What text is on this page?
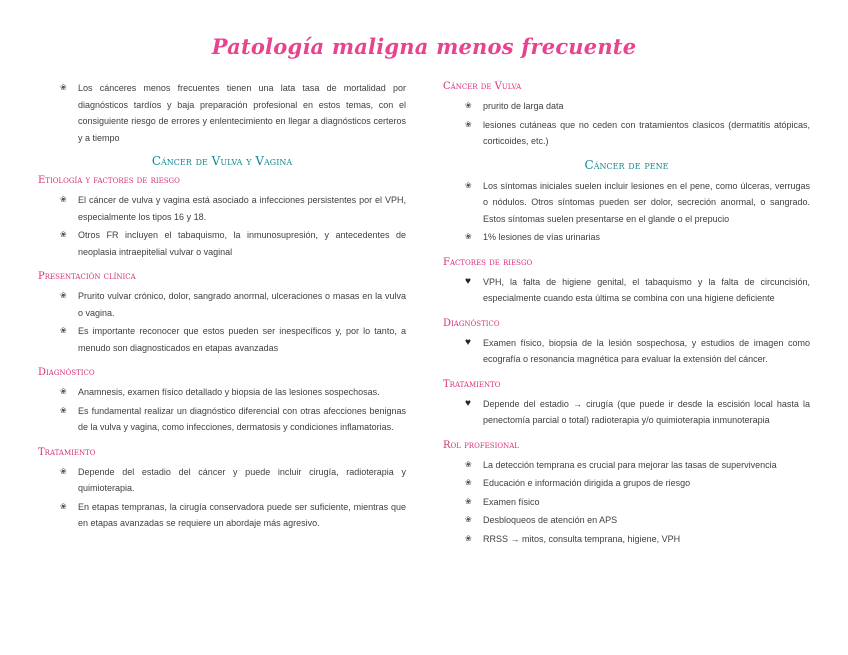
Patología maligna menos frecuente
❀	Los cánceres menos frecuentes tienen una lata tasa de mortalidad por diagnósticos tardíos y baja preparación profesional en estos temas, con el consiguiente riesgo de errores y enlentecimiento en llegar a diagnósticos certeros y a tiempo
Cáncer de Vulva y Vagina
Etiología y factores de riesgo
❀	El cáncer de vulva y vagina está asociado a infecciones persistentes por el VPH, especialmente los tipos 16 y 18.
❀	Otros FR incluyen el tabaquismo, la inmunosupresión, y antecedentes de neoplasia intraepitelial vulvar o vaginal
Presentación clínica
❀	Prurito vulvar crónico, dolor, sangrado anormal, ulceraciones o masas en la vulva o vagina.
❀	Es importante reconocer que estos pueden ser inespecíficos y, por lo tanto, a menudo son diagnosticados en etapas avanzadas
Diagnóstico
❀	Anamnesis, examen físico detallado y biopsia de las lesiones sospechosas.
❀	Es fundamental realizar un diagnóstico diferencial con otras afecciones benignas de la vulva y vagina, como infecciones, dermatosis y condiciones inflamatorias.
Tratamiento
❀	Depende del estadio del cáncer y puede incluir cirugía, radioterapia y quimioterapia.
❀	En etapas tempranas, la cirugía conservadora puede ser suficiente, mientras que en etapas avanzadas se requiere un abordaje más agresivo.
Cáncer de Vulva
❀	prurito de larga data
❀	lesiones cutáneas que no ceden con tratamientos clasicos (dermatitis atópicas, corticoides, etc.)
Cáncer de pene
❀	Los síntomas iniciales suelen incluir lesiones en el pene, como úlceras, verrugas o nódulos. Otros síntomas pueden ser dolor, secreción anormal, o sangrado. Estos síntomas suelen presentarse en el glande o el prepucio
❀	1% lesiones de vías urinarias
Factores de riesgo
♥	VPH, la falta de higiene genital, el tabaquismo y la falta de circuncisión, especialmente cuando esta última se combina con una higiene deficiente
Diagnóstico
♥	Examen físico, biopsia de la lesión sospechosa, y estudios de imagen como ecografía o resonancia magnética para evaluar la extensión del cáncer.
Tratamiento
♥	Depende del estadio → cirugía (que puede ir desde la escisión local hasta la penectomía parcial o total) radioterapia y/o quimioterapia inmunoterapia
Rol profesional
❀	La detección temprana es crucial para mejorar las tasas de supervivencia
❀	Educación e información dirigida a grupos de riesgo
❀	Examen físico
❀	Desbloqueos de atención en APS
❀	RRSS → mitos, consulta temprana, higiene, VPH
